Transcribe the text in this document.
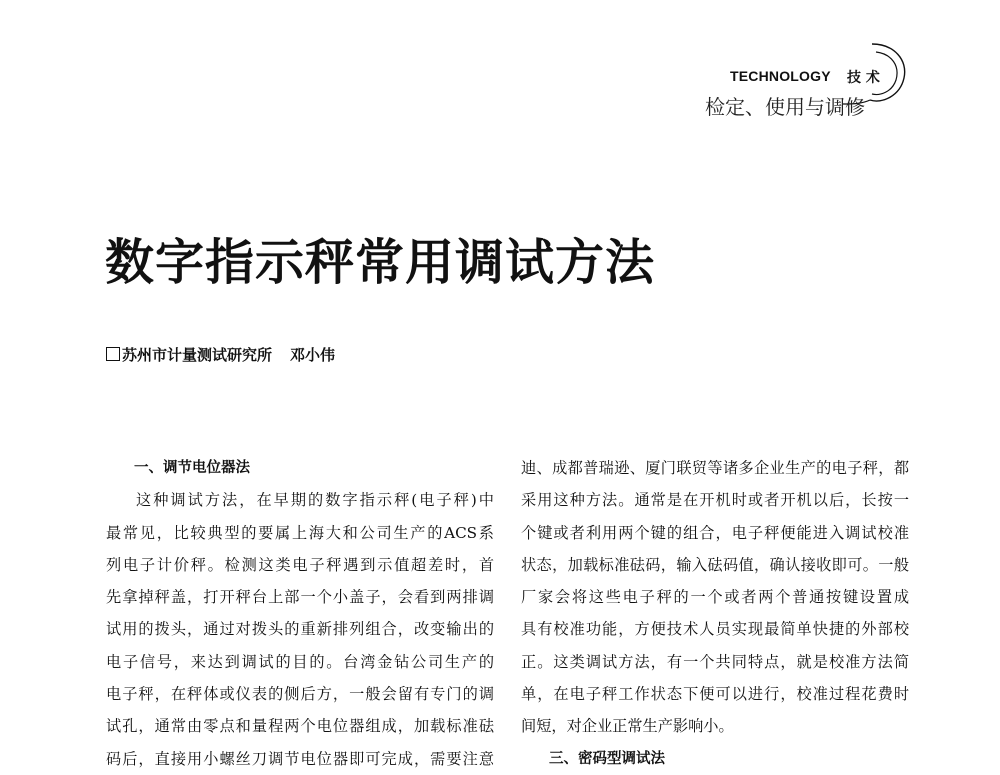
TECHNOLOGY 技 术
检定、使用与调修
数字指示秤常用调试方法
苏州市计量测试研究所 邓小伟
一、调节电位器法
这种调试方法，在早期的数字指示秤(电子秤)中
最常见，比较典型的要属上海大和公司生产的ACS系
列电子计价秤。检测这类电子秤遇到示值超差时，首
先拿掉秤盖，打开秤台上部一个小盖子，会看到两排调
试用的拨头，通过对拨头的重新排列组合，改变输出的
电子信号，来达到调试的目的。台湾金钻公司生产的
电子秤，在秤体或仪表的侧后方，一般会留有专门的调
试孔，通常由零点和量程两个电位器组成，加载标准砝
码后，直接用小螺丝刀调节电位器即可完成，需要注意
迪、成都普瑞逊、厦门联贸等诸多企业生产的电子秤，都
采用这种方法。通常是在开机时或者开机以后，长按一
个键或者利用两个键的组合，电子秤便能进入调试校准
状态，加载标准砝码，输入砝码值，确认接收即可。一般
厂家会将这些电子秤的一个或者两个普通按键设置成
具有校准功能，方便技术人员实现最简单快捷的外部校
正。这类调试方法，有一个共同特点，就是校准方法简
单，在电子秤工作状态下便可以进行，校准过程花费时
间短，对企业正常生产影响小。
三、密码型调试法
